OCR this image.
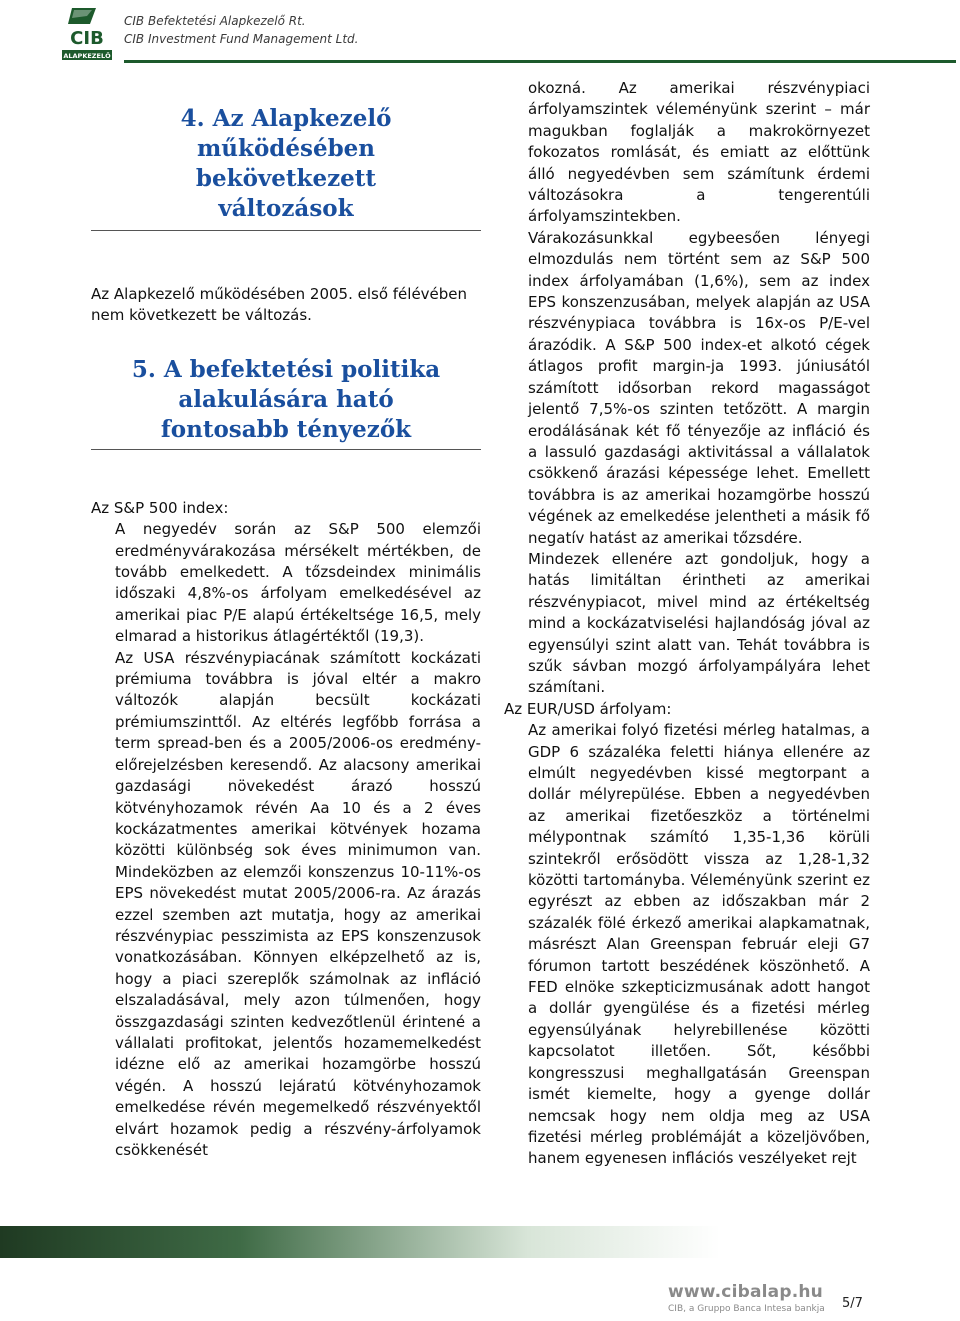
CIB
ALAPKEZELŐ
CIB Befektetési Alapkezelő Rt.
CIB Investment Fund Management Ltd.
4. Az Alapkezelő
működésében
bekövetkezett
változások

Az Alapkezelő működésében 2005. első félévében nem következett be változás.

5. A befektetési politika
alakulására ható
fontosabb tényezők

Az S&P 500 index:

A negyedév során az S&P 500 elemzői eredményvárakozása mérsékelt mértékben, de tovább emelkedett. A tőzsdeindex minimális időszaki 4,8%-os árfolyam emelkedésével az amerikai piac P/E alapú értékeltsége 16,5, mely elmarad a historikus átlagértéktől (19,3).

Az USA részvénypiacának számított kockázati prémiuma továbbra is jóval eltér a makro változók alapján becsült kockázati prémiumszinttől. Az eltérés legfőbb forrása a term spread-ben és a 2005/2006-os eredmény-előrejelzésben keresendő. Az alacsony amerikai gazdasági növekedést árazó hosszú kötvényhozamok révén Aa 10 és a 2 éves kockázatmentes amerikai kötvények hozama közötti különbség sok éves minimumon van. Mindeközben az elemzői konszenzus 10-11%-os EPS növekedést mutat 2005/2006-ra. Az árazás ezzel szemben azt mutatja, hogy az amerikai részvénypiac pesszimista az EPS konszenzusok vonatkozásában. Könnyen elképzelhető az is, hogy a piaci szereplők számolnak az infláció elszaladásával, mely azon túlmenően, hogy összgazdasági szinten kedvezőtlenül érintené a vállalati profitokat, jelentős hozamemelkedést idézne elő az amerikai hozamgörbe hosszú végén. A hosszú lejáratú kötvényhozamok emelkedése révén megemelkedő részvényektől elvárt hozamok pedig a részvény-árfolyamok csökkenését

okozná. Az amerikai részvénypiaci árfolyamszintek véleményünk szerint – már magukban foglalják a makrokörnyezet fokozatos romlását, és emiatt az előttünk álló negyedévben sem számítunk érdemi változásokra a tengerentúli árfolyamszintekben.

Várakozásunkkal egybeesően lényegi elmozdulás nem történt sem az S&P 500 index árfolyamában (1,6%), sem az index EPS konszenzusában, melyek alapján az USA részvénypiaca továbbra is 16x-os P/E-vel árazódik. A S&P 500 index-et alkotó cégek átlagos profit margin-ja 1993. júniusától számított idősorban rekord magasságot jelentő 7,5%-os szinten tetőzött. A margin erodálásának két fő tényezője az infláció és a lassuló gazdasági aktivitással a vállalatok csökkenő árazási képessége lehet. Emellett továbbra is az amerikai hozamgörbe hosszú végének az emelkedése jelentheti a másik fő negatív hatást az amerikai tőzsdére.

Mindezek ellenére azt gondoljuk, hogy a hatás limitáltan érintheti az amerikai részvénypiacot, mivel mind az értékeltség mind a kockázatviselési hajlandóság jóval az egyensúlyi szint alatt van. Tehát továbbra is szűk sávban mozgó árfolyampályára lehet számítani.

Az EUR/USD árfolyam:

Az amerikai folyó fizetési mérleg hatalmas, a GDP 6 százaléka feletti hiánya ellenére az elmúlt negyedévben kissé megtorpant a dollár mélyrepülése. Ebben a negyedévben az amerikai fizetőeszköz a történelmi mélypontnak számító 1,35-1,36 körüli szintekről erősödött vissza az 1,28-1,32 közötti tartományba. Véleményünk szerint ez egyrészt az ebben az időszakban már 2 százalék fölé érkező amerikai alapkamatnak, másrészt Alan Greenspan február eleji G7 fórumon tartott beszédének köszönhető. A FED elnöke szkepticizmusának adott hangot a dollár gyengülése és a fizetési mérleg egyensúlyának helyrebillenése közötti kapcsolatot illetően. Sőt, későbbi kongresszusi meghallgatásán Greenspan ismét kiemelte, hogy a gyenge dollár nemcsak hogy nem oldja meg az USA fizetési mérleg problémáját a közeljövőben, hanem egyenesen inflációs veszélyeket rejt

www.cibalap.hu
CIB, a Gruppo Banca Intesa bankja 5/7
